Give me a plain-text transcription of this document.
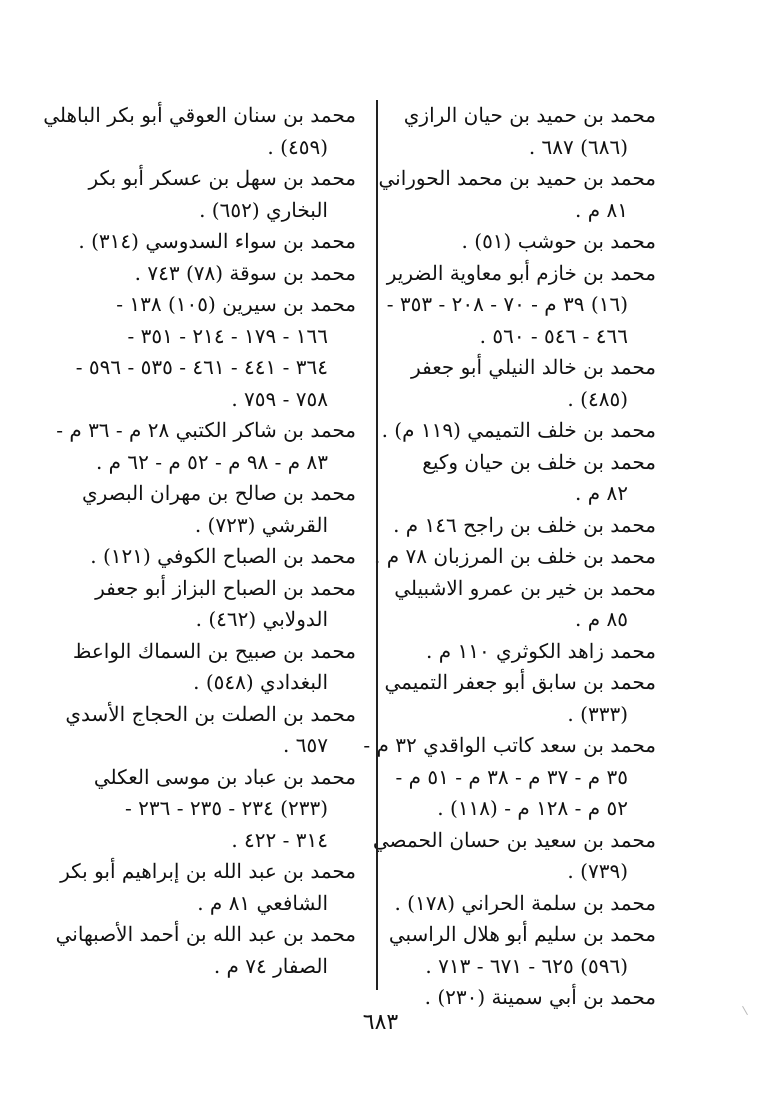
محمد بن حميد بن حيان الرازي
(٦٨٦) ٦٨٧ .
محمد بن حميد بن محمد الحوراني
٨١ م .
محمد بن حوشب (٥١) .
محمد بن خازم أبو معاوية الضرير
(١٦) ٣٩ م - ٧٠ - ٢٠٨ - ٣٥٣ -
٤٦٦ - ٥٤٦ - ٥٦٠ .
محمد بن خالد النيلي أبو جعفر
(٤٨٥) .
محمد بن خلف التميمي (١١٩ م) .
محمد بن خلف بن حيان وكيع
٨٢ م .
محمد بن خلف بن راجح ١٤٦ م .
محمد بن خلف بن المرزبان ٧٨ م .
محمد بن خير بن عمرو الاشبيلي
٨٥ م .
محمد زاهد الكوثري ١١٠ م .
محمد بن سابق أبو جعفر التميمي
(٣٣٣) .
محمد بن سعد كاتب الواقدي ٣٢ م -
٣٥ م - ٣٧ م - ٣٨ م - ٥١ م -
٥٢ م - ١٢٨ م - (١١٨) .
محمد بن سعيد بن حسان الحمصي
(٧٣٩) .
محمد بن سلمة الحراني (١٧٨) .
محمد بن سليم أبو هلال الراسبي
(٥٩٦) ٦٢٥ - ٦٧١ - ٧١٣ .
محمد بن أبي سمينة (٢٣٠) .
محمد بن سنان العوقي أبو بكر الباهلي
(٤٥٩) .
محمد بن سهل بن عسكر أبو بكر
البخاري (٦٥٢) .
محمد بن سواء السدوسي (٣١٤) .
محمد بن سوقة (٧٨) ٧٤٣ .
محمد بن سيرين (١٠٥) ١٣٨ -
١٦٦ - ١٧٩ - ٢١٤ - ٣٥١ -
٣٦٤ - ٤٤١ - ٤٦١ - ٥٣٥ - ٥٩٦ -
٧٥٨ - ٧٥٩ .
محمد بن شاكر الكتبي ٢٨ م - ٣٦ م -
٨٣ م - ٩٨ م - ٥٢ م - ٦٢ م .
محمد بن صالح بن مهران البصري
القرشي (٧٢٣) .
محمد بن الصباح الكوفي (١٢١) .
محمد بن الصباح البزاز أبو جعفر
الدولابي (٤٦٢) .
محمد بن صبيح بن السماك الواعظ
البغدادي (٥٤٨) .
محمد بن الصلت بن الحجاج الأسدي
٦٥٧ .
محمد بن عباد بن موسى العكلي
(٢٣٣) ٢٣٤ - ٢٣٥ - ٢٣٦ -
٣١٤ - ٤٢٢ .
محمد بن عبد الله بن إبراهيم أبو بكر
الشافعي ٨١ م .
محمد بن عبد الله بن أحمد الأصبهاني
الصفار ٧٤ م .
٦٨٣
